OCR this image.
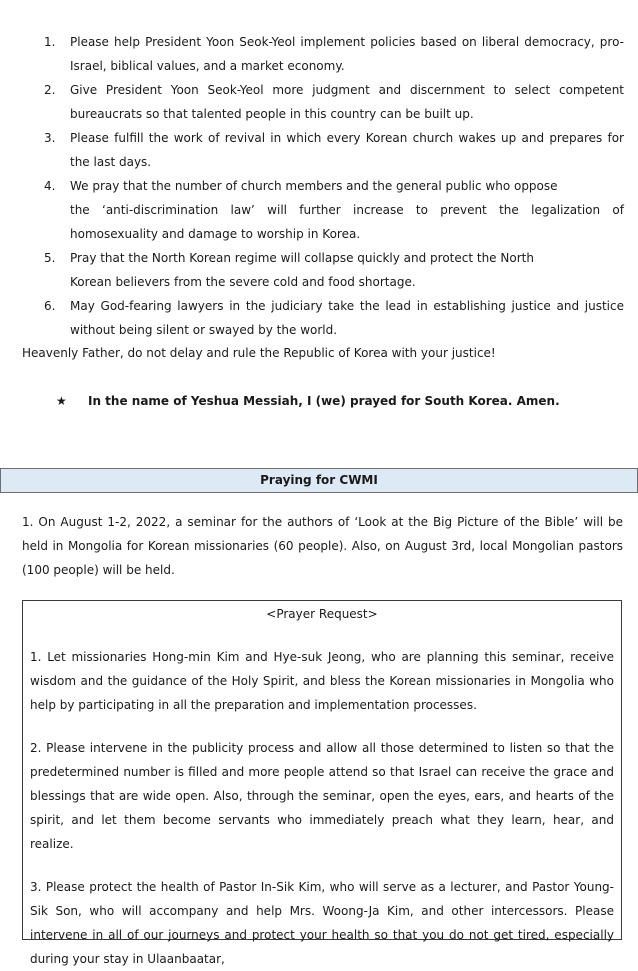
1. Please help President Yoon Seok-Yeol implement policies based on liberal democracy, pro-Israel, biblical values, and a market economy.
2. Give President Yoon Seok-Yeol more judgment and discernment to select competent bureaucrats so that talented people in this country can be built up.
3. Please fulfill the work of revival in which every Korean church wakes up and prepares for the last days.
4. We pray that the number of church members and the general public who oppose
the ‘anti-discrimination law’ will further increase to prevent the legalization of homosexuality and damage to worship in Korea.
5. Pray that the North Korean regime will collapse quickly and protect the North
Korean believers from the severe cold and food shortage.
6. May God-fearing lawyers in the judiciary take the lead in establishing justice and justice without being silent or swayed by the world.

Heavenly Father, do not delay and rule the Republic of Korea with your justice!

★ In the name of Yeshua Messiah, I (we) prayed for South Korea. Amen.
Praying for CWMI

1. On August 1-2, 2022, a seminar for the authors of ‘Look at the Big Picture of the Bible’ will be held in Mongolia for Korean missionaries (60 people). Also, on August 3rd, local Mongolian pastors (100 people) will be held.

<Prayer Request>

1. Let missionaries Hong-min Kim and Hye-suk Jeong, who are planning this seminar, receive wisdom and the guidance of the Holy Spirit, and bless the Korean missionaries in Mongolia who help by participating in all the preparation and implementation processes.

2. Please intervene in the publicity process and allow all those determined to listen so that the predetermined number is filled and more people attend so that Israel can receive the grace and blessings that are wide open. Also, through the seminar, open the eyes, ears, and hearts of the spirit, and let them become servants who immediately preach what they learn, hear, and realize.

3. Please protect the health of Pastor In-Sik Kim, who will serve as a lecturer, and Pastor Young-Sik Son, who will accompany and help Mrs. Woong-Ja Kim, and other intercessors. Please intervene in all of our journeys and protect your health so that you do not get tired, especially during your stay in Ulaanbaatar,
